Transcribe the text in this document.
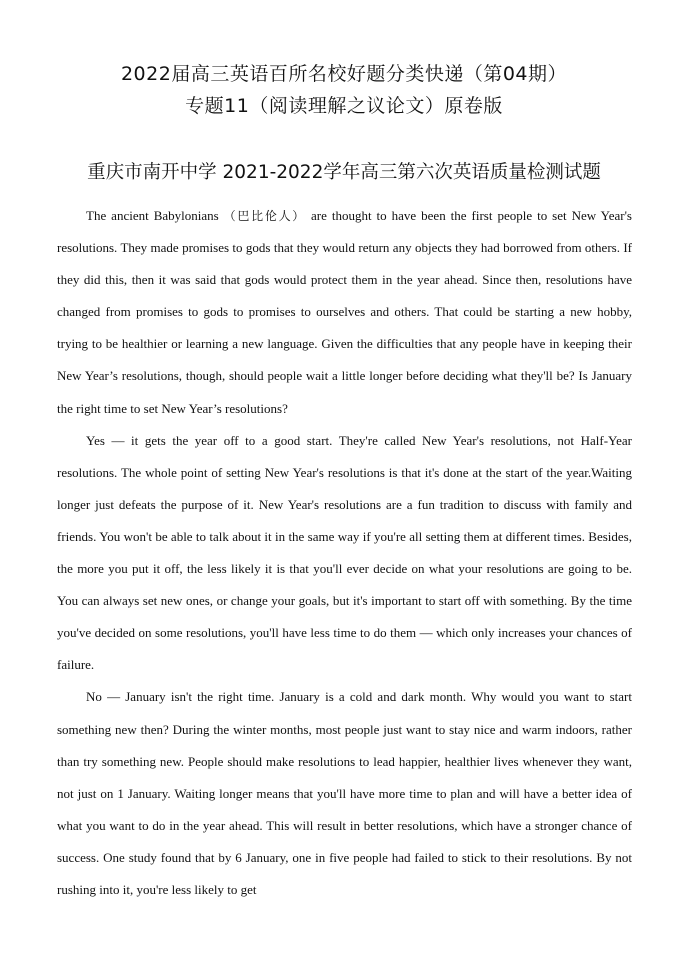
2022届高三英语百所名校好题分类快递（第04期）
专题11（阅读理解之议论文）原卷版
重庆市南开中学 2021-2022学年高三第六次英语质量检测试题

The ancient Babylonians （巴比伦人） are thought to have been the first people to set New Year's resolutions. They made promises to gods that they would return any objects they had borrowed from others. If they did this, then it was said that gods would protect them in the year ahead. Since then, resolutions have changed from promises to gods to promises to ourselves and others. That could be starting a new hobby, trying to be healthier or learning a new language. Given the difficulties that any people have in keeping their New Year’s resolutions, though, should people wait a little longer before deciding what they'll be? Is January the right time to set New Year’s resolutions?

Yes — it gets the year off to a good start. They're called New Year's resolutions, not Half-Year resolutions. The whole point of setting New Year's resolutions is that it's done at the start of the year.Waiting longer just defeats the purpose of it. New Year's resolutions are a fun tradition to discuss with family and friends. You won't be able to talk about it in the same way if you're all setting them at different times. Besides, the more you put it off, the less likely it is that you'll ever decide on what your resolutions are going to be. You can always set new ones, or change your goals, but it's important to start off with something. By the time you've decided on some resolutions, you'll have less time to do them — which only increases your chances of failure.

No — January isn't the right time. January is a cold and dark month. Why would you want to start something new then? During the winter months, most people just want to stay nice and warm indoors, rather than try something new. People should make resolutions to lead happier, healthier lives whenever they want, not just on 1 January. Waiting longer means that you'll have more time to plan and will have a better idea of what you want to do in the year ahead. This will result in better resolutions, which have a stronger chance of success. One study found that by 6 January, one in five people had failed to stick to their resolutions. By not rushing into it, you're less likely to get
